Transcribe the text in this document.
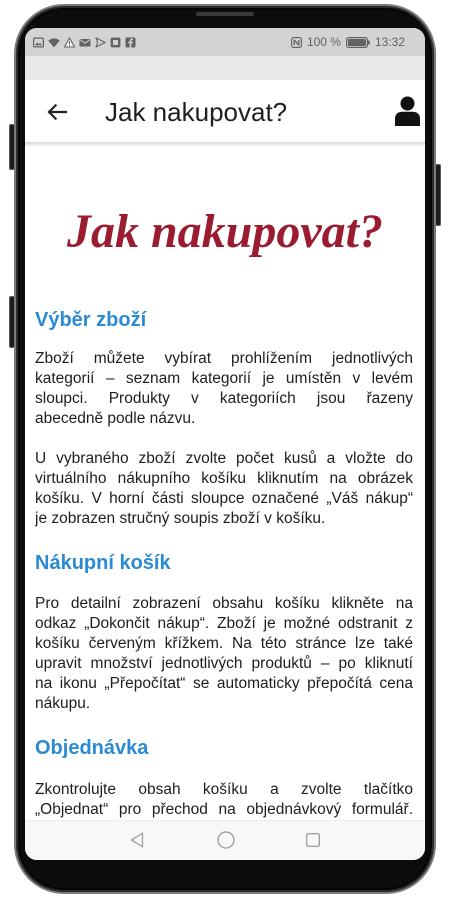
100 %	13:32
Jak nakupovat?
Jak nakupovat?
Výběr zboží
Zboží můžete vybírat prohlížením jednotlivých
kategorií – seznam kategorií je umístěn v levém
sloupci. Produkty v kategoriích jsou řazeny
abecedně podle názvu.
U vybraného zboží zvolte počet kusů a vložte do
virtuálního nákupního košíku kliknutím na obrázek
košíku. V horní části sloupce označené „Váš nákup“
je zobrazen stručný soupis zboží v košíku.
Nákupní košík
Pro detailní zobrazení obsahu košíku klikněte na
odkaz „Dokončit nákup“. Zboží je možné odstranit z
košíku červeným křížkem. Na této stránce lze také
upravit množství jednotlivých produktů – po kliknutí
na ikonu „Přepočítat“ se automaticky přepočítá cena
nákupu.
Objednávka
Zkontrolujte obsah košíku a zvolte tlačítko
„Objednat“ pro přechod na objednávkový formulář.
